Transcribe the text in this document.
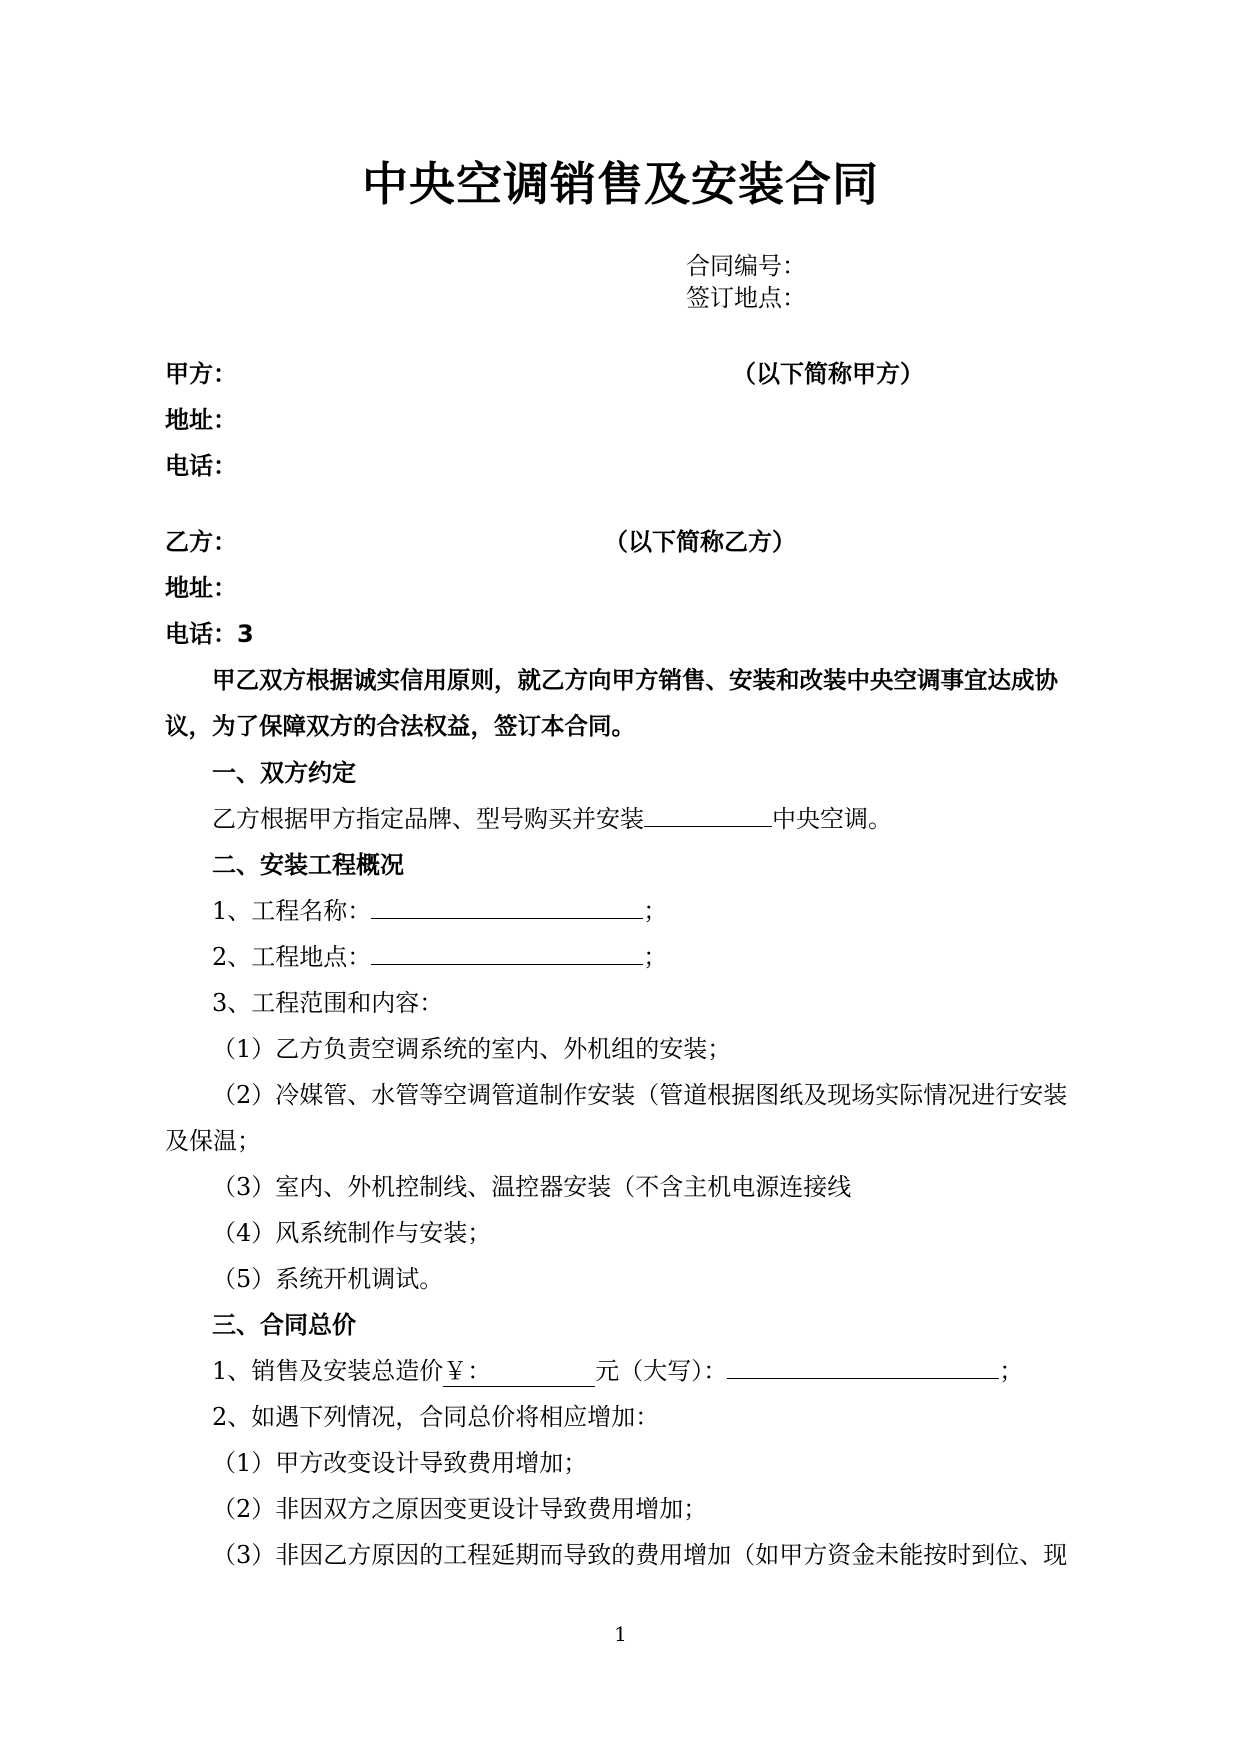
中央空调销售及安装合同
合同编号：
签订地点：
甲方：	（以下简称甲方）
地址：
电话：
乙方：	（以下简称乙方）
地址：
电话：3
甲乙双方根据诚实信用原则，就乙方向甲方销售、安装和改装中央空调事宜达成协
议，为了保障双方的合法权益，签订本合同。
一、双方约定
乙方根据甲方指定品牌、型号购买并安装	中央空调。
二、安装工程概况
1、工程名称：	；
2、工程地点：	；
3、工程范围和内容：
（1）乙方负责空调系统的室内、外机组的安装；
（2）冷媒管、水管等空调管道制作安装（管道根据图纸及现场实际情况进行安装
及保温；
（3）室内、外机控制线、温控器安装（不含主机电源连接线
（4）风系统制作与安装；
（5）系统开机调试。
三、合同总价
1、销售及安装总造价￥：	元（大写）：	；
2、如遇下列情况，合同总价将相应增加：
（1）甲方改变设计导致费用增加；
（2）非因双方之原因变更设计导致费用增加；
（3）非因乙方原因的工程延期而导致的费用增加（如甲方资金未能按时到位、现
1
